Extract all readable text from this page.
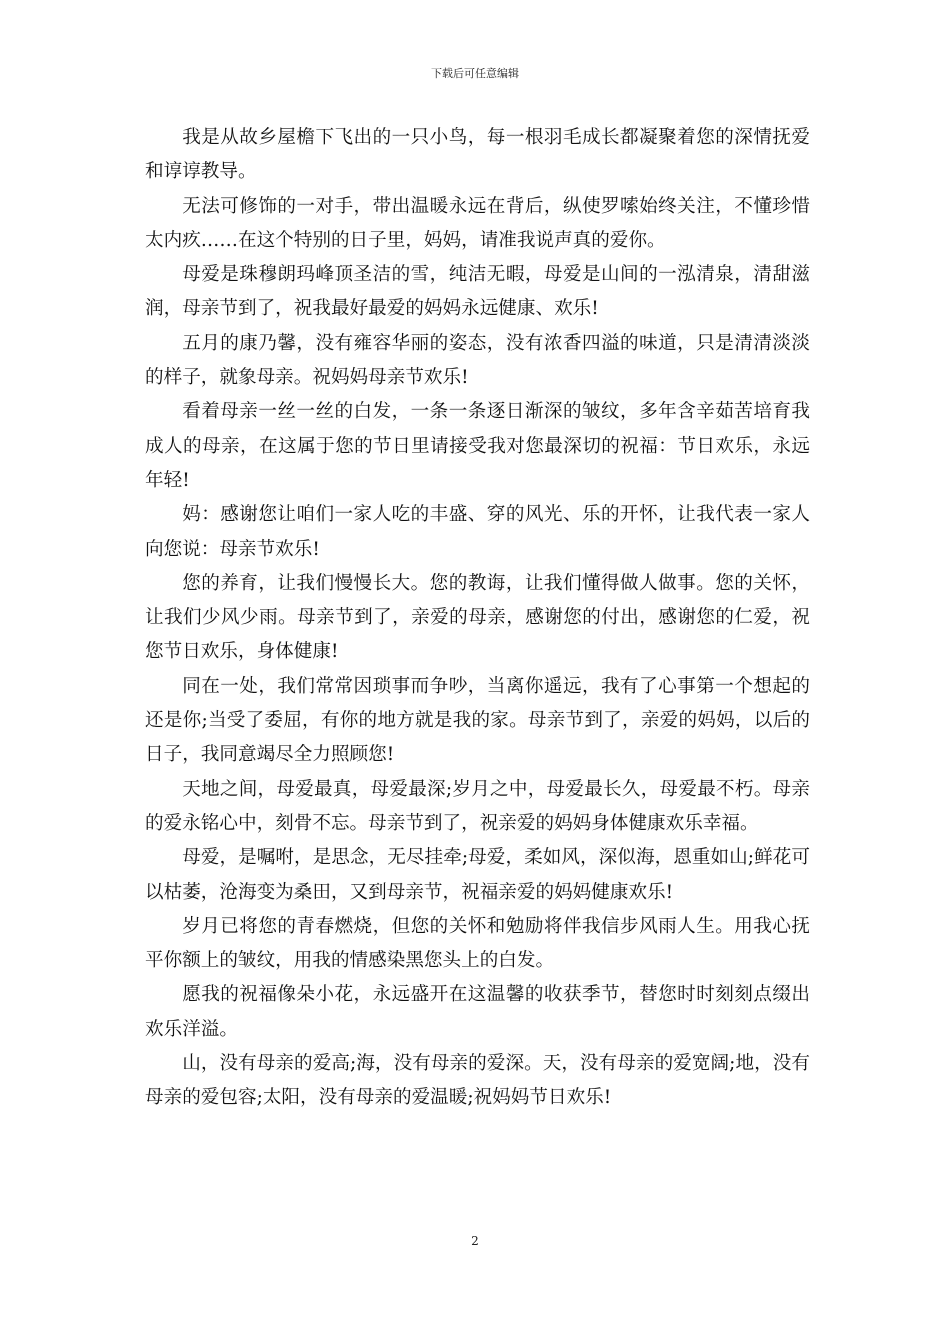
下载后可任意编辑

我是从故乡屋檐下飞出的一只小鸟，每一根羽毛成长都凝聚着您的深情抚爱和谆谆教导。

无法可修饰的一对手，带出温暖永远在背后，纵使罗嗦始终关注，不懂珍惜太内疚……在这个特别的日子里，妈妈，请准我说声真的爱你。

母爱是珠穆朗玛峰顶圣洁的雪，纯洁无暇，母爱是山间的一泓清泉，清甜滋润，母亲节到了，祝我最好最爱的妈妈永远健康、欢乐!

五月的康乃馨，没有雍容华丽的姿态，没有浓香四溢的味道，只是清清淡淡的样子，就象母亲。祝妈妈母亲节欢乐!

看着母亲一丝一丝的白发，一条一条逐日渐深的皱纹，多年含辛茹苦培育我成人的母亲，在这属于您的节日里请接受我对您最深切的祝福：节日欢乐，永远年轻!

妈：感谢您让咱们一家人吃的丰盛、穿的风光、乐的开怀，让我代表一家人向您说：母亲节欢乐!

您的养育，让我们慢慢长大。您的教诲，让我们懂得做人做事。您的关怀，让我们少风少雨。母亲节到了，亲爱的母亲，感谢您的付出，感谢您的仁爱，祝您节日欢乐，身体健康!

同在一处，我们常常因琐事而争吵，当离你遥远，我有了心事第一个想起的还是你;当受了委屈，有你的地方就是我的家。母亲节到了，亲爱的妈妈，以后的日子，我同意竭尽全力照顾您!

天地之间，母爱最真，母爱最深;岁月之中，母爱最长久，母爱最不朽。母亲的爱永铭心中，刻骨不忘。母亲节到了，祝亲爱的妈妈身体健康欢乐幸福。

母爱，是嘱咐，是思念，无尽挂牵;母爱，柔如风，深似海，恩重如山;鲜花可以枯萎，沧海变为桑田，又到母亲节，祝福亲爱的妈妈健康欢乐!

岁月已将您的青春燃烧，但您的关怀和勉励将伴我信步风雨人生。用我心抚平你额上的皱纹，用我的情感染黑您头上的白发。

愿我的祝福像朵小花，永远盛开在这温馨的收获季节，替您时时刻刻点缀出欢乐洋溢。

山，没有母亲的爱高;海，没有母亲的爱深。天，没有母亲的爱宽阔;地，没有母亲的爱包容;太阳，没有母亲的爱温暖;祝妈妈节日欢乐!

2
